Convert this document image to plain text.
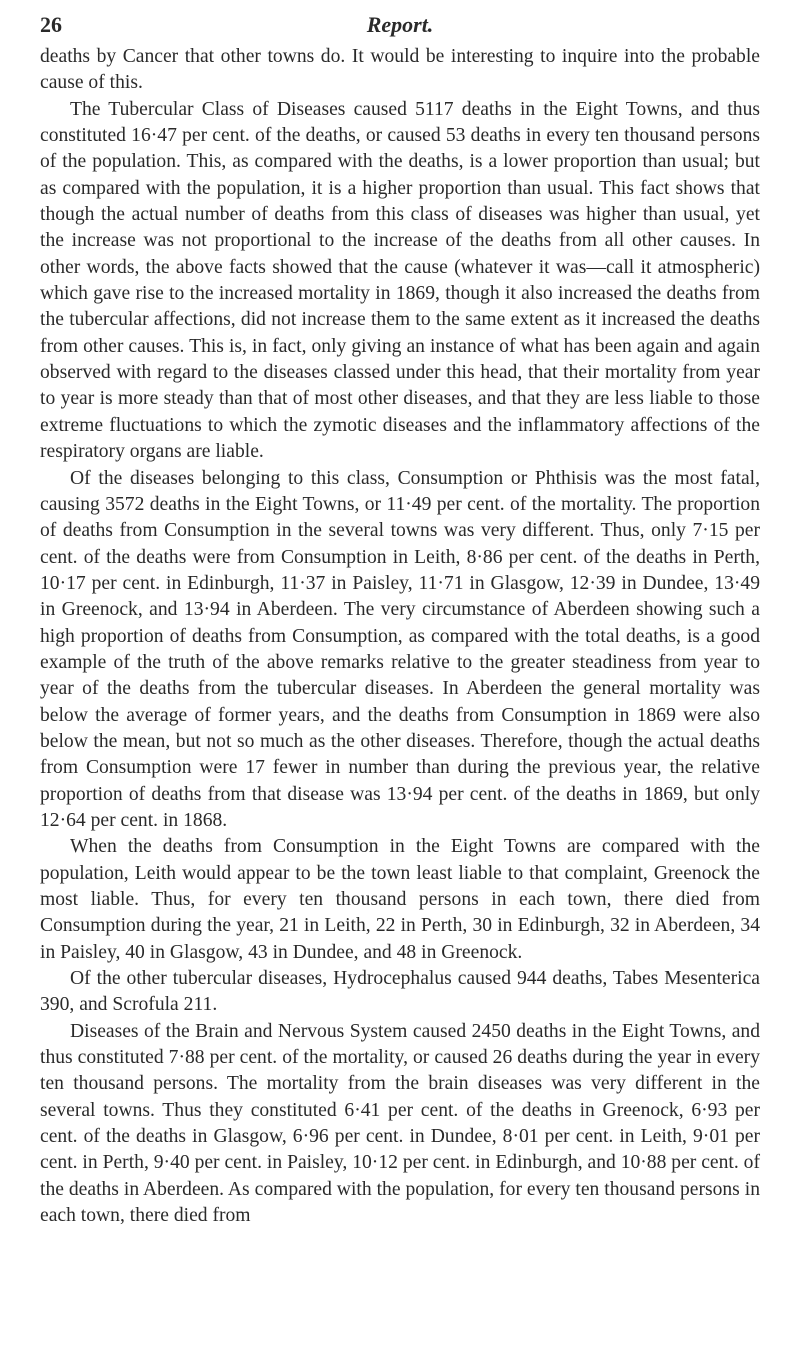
26	Report.

deaths by Cancer that other towns do. It would be interesting to inquire into the probable cause of this.

The Tubercular Class of Diseases caused 5117 deaths in the Eight Towns, and thus constituted 16·47 per cent. of the deaths, or caused 53 deaths in every ten thousand persons of the population. This, as compared with the deaths, is a lower proportion than usual; but as compared with the population, it is a higher proportion than usual. This fact shows that though the actual number of deaths from this class of diseases was higher than usual, yet the increase was not proportional to the increase of the deaths from all other causes. In other words, the above facts showed that the cause (whatever it was—call it atmospheric) which gave rise to the increased mortality in 1869, though it also increased the deaths from the tubercular affections, did not increase them to the same extent as it increased the deaths from other causes. This is, in fact, only giving an instance of what has been again and again observed with regard to the diseases classed under this head, that their mortality from year to year is more steady than that of most other diseases, and that they are less liable to those extreme fluctuations to which the zymotic diseases and the inflammatory affections of the respiratory organs are liable.

Of the diseases belonging to this class, Consumption or Phthisis was the most fatal, causing 3572 deaths in the Eight Towns, or 11·49 per cent. of the mortality. The proportion of deaths from Consumption in the several towns was very different. Thus, only 7·15 per cent. of the deaths were from Consumption in Leith, 8·86 per cent. of the deaths in Perth, 10·17 per cent. in Edinburgh, 11·37 in Paisley, 11·71 in Glasgow, 12·39 in Dundee, 13·49 in Greenock, and 13·94 in Aberdeen. The very circumstance of Aberdeen showing such a high proportion of deaths from Consumption, as compared with the total deaths, is a good example of the truth of the above remarks relative to the greater steadiness from year to year of the deaths from the tubercular diseases. In Aberdeen the general mortality was below the average of former years, and the deaths from Consumption in 1869 were also below the mean, but not so much as the other diseases. Therefore, though the actual deaths from Consumption were 17 fewer in number than during the previous year, the relative proportion of deaths from that disease was 13·94 per cent. of the deaths in 1869, but only 12·64 per cent. in 1868.

When the deaths from Consumption in the Eight Towns are compared with the population, Leith would appear to be the town least liable to that complaint, Greenock the most liable. Thus, for every ten thousand persons in each town, there died from Consumption during the year, 21 in Leith, 22 in Perth, 30 in Edinburgh, 32 in Aberdeen, 34 in Paisley, 40 in Glasgow, 43 in Dundee, and 48 in Greenock.

Of the other tubercular diseases, Hydrocephalus caused 944 deaths, Tabes Mesenterica 390, and Scrofula 211.

Diseases of the Brain and Nervous System caused 2450 deaths in the Eight Towns, and thus constituted 7·88 per cent. of the mortality, or caused 26 deaths during the year in every ten thousand persons. The mortality from the brain diseases was very different in the several towns. Thus they constituted 6·41 per cent. of the deaths in Greenock, 6·93 per cent. of the deaths in Glasgow, 6·96 per cent. in Dundee, 8·01 per cent. in Leith, 9·01 per cent. in Perth, 9·40 per cent. in Paisley, 10·12 per cent. in Edinburgh, and 10·88 per cent. of the deaths in Aberdeen. As compared with the population, for every ten thousand persons in each town, there died from
